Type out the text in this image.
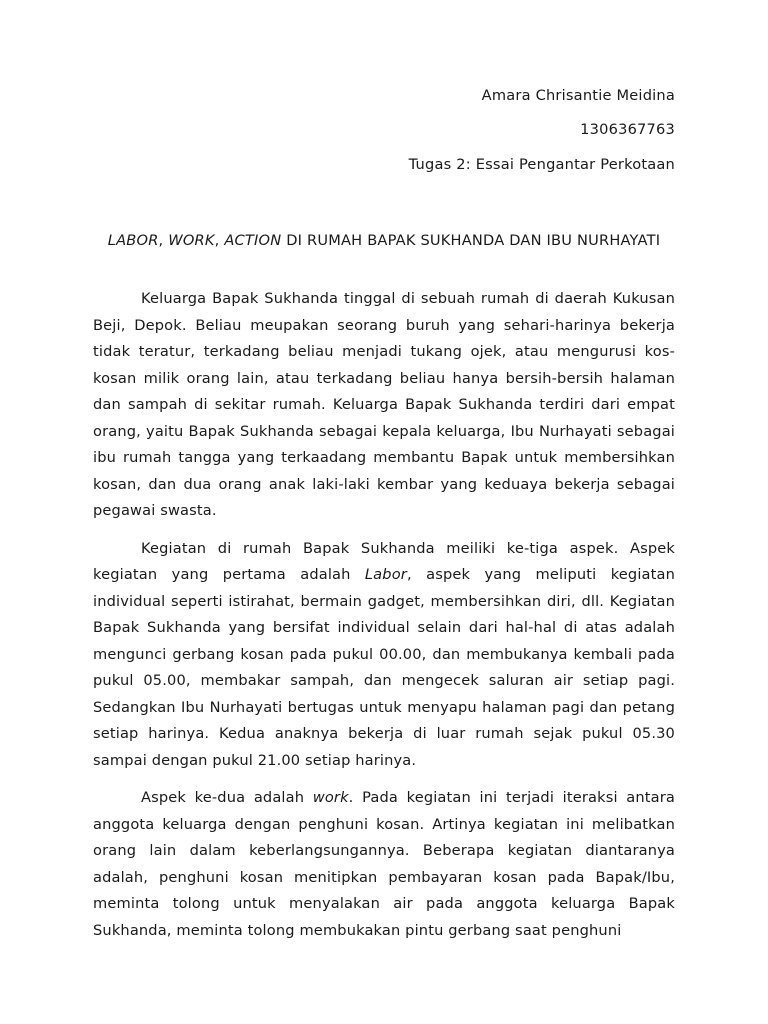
Amara Chrisantie Meidina
1306367763
Tugas 2: Essai Pengantar Perkotaan
LABOR, WORK, ACTION DI RUMAH BAPAK SUKHANDA DAN IBU NURHAYATI

Keluarga Bapak Sukhanda tinggal di sebuah rumah di daerah Kukusan Beji, Depok. Beliau meupakan seorang buruh yang sehari-harinya bekerja tidak teratur, terkadang beliau menjadi tukang ojek, atau mengurusi kos-kosan milik orang lain, atau terkadang beliau hanya bersih-bersih halaman dan sampah di sekitar rumah. Keluarga Bapak Sukhanda terdiri dari empat orang, yaitu Bapak Sukhanda sebagai kepala keluarga, Ibu Nurhayati sebagai ibu rumah tangga yang terkaadang membantu Bapak untuk membersihkan kosan, dan dua orang anak laki-laki kembar yang keduaya bekerja sebagai pegawai swasta.

Kegiatan di rumah Bapak Sukhanda meiliki ke-tiga aspek. Aspek kegiatan yang pertama adalah Labor, aspek yang meliputi kegiatan individual seperti istirahat, bermain gadget, membersihkan diri, dll. Kegiatan Bapak Sukhanda yang bersifat individual selain dari hal-hal di atas adalah mengunci gerbang kosan pada pukul 00.00, dan membukanya kembali pada pukul 05.00, membakar sampah, dan mengecek saluran air setiap pagi. Sedangkan Ibu Nurhayati bertugas untuk menyapu halaman pagi dan petang setiap harinya. Kedua anaknya bekerja di luar rumah sejak pukul 05.30 sampai dengan pukul 21.00 setiap harinya.

Aspek ke-dua adalah work. Pada kegiatan ini terjadi iteraksi antara anggota keluarga dengan penghuni kosan. Artinya kegiatan ini melibatkan orang lain dalam keberlangsungannya. Beberapa kegiatan diantaranya adalah, penghuni kosan menitipkan pembayaran kosan pada Bapak/Ibu, meminta tolong untuk menyalakan air pada anggota keluarga Bapak Sukhanda, meminta tolong membukakan pintu gerbang saat penghuni
